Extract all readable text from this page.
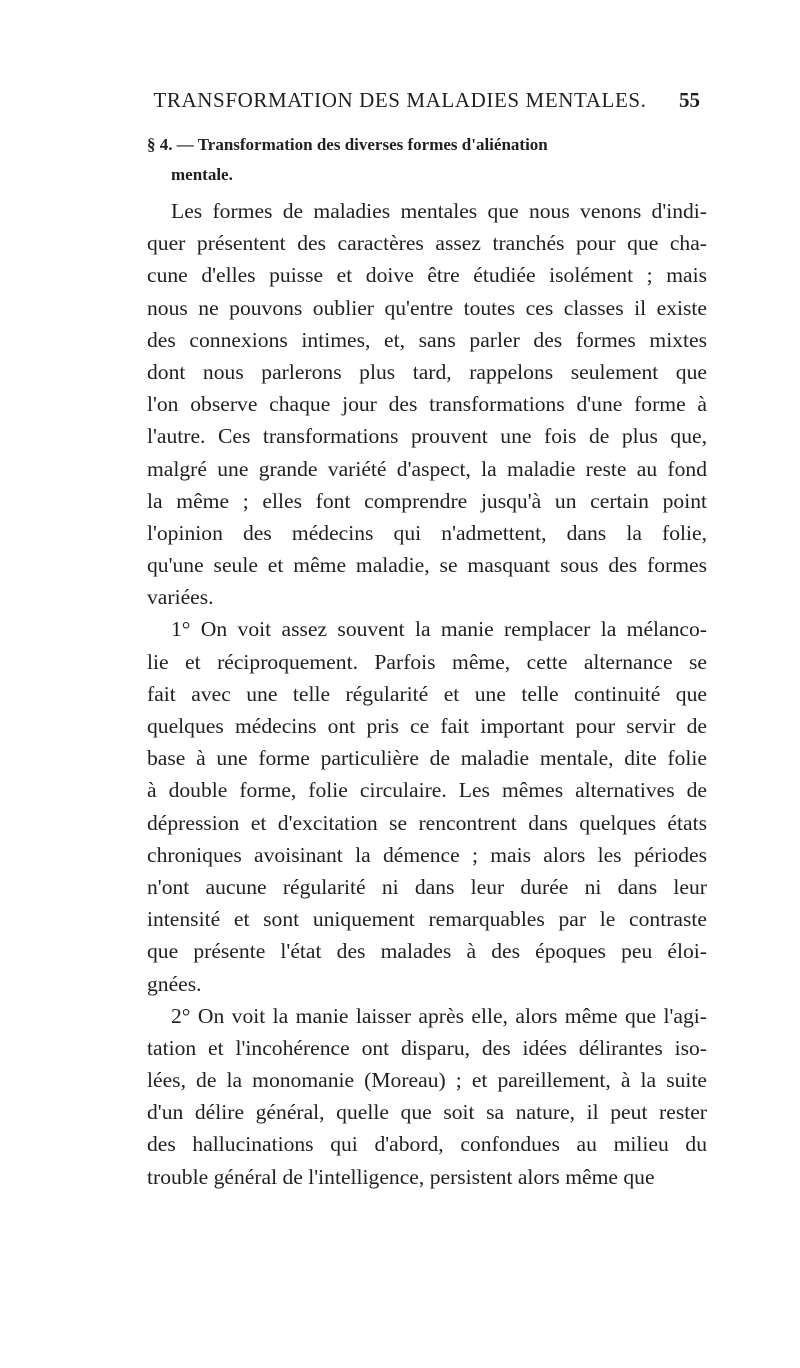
TRANSFORMATION DES MALADIES MENTALES.	55
§ 4. — Transformation des diverses formes d'aliénation
mentale.
Les formes de maladies mentales que nous venons d'indi-
quer présentent des caractères assez tranchés pour que cha-
cune d'elles puisse et doive être étudiée isolément ; mais
nous ne pouvons oublier qu'entre toutes ces classes il existe
des connexions intimes, et, sans parler des formes mixtes
dont nous parlerons plus tard, rappelons seulement que
l'on observe chaque jour des transformations d'une forme à
l'autre. Ces transformations prouvent une fois de plus que,
malgré une grande variété d'aspect, la maladie reste au fond
la même ; elles font comprendre jusqu'à un certain point
l'opinion des médecins qui n'admettent, dans la folie,
qu'une seule et même maladie, se masquant sous des formes
variées.
1° On voit assez souvent la manie remplacer la mélanco-
lie et réciproquement. Parfois même, cette alternance se
fait avec une telle régularité et une telle continuité que
quelques médecins ont pris ce fait important pour servir de
base à une forme particulière de maladie mentale, dite folie
à double forme, folie circulaire. Les mêmes alternatives de
dépression et d'excitation se rencontrent dans quelques états
chroniques avoisinant la démence ; mais alors les périodes
n'ont aucune régularité ni dans leur durée ni dans leur
intensité et sont uniquement remarquables par le contraste
que présente l'état des malades à des époques peu éloi-
gnées.
2° On voit la manie laisser après elle, alors même que l'agi-
tation et l'incohérence ont disparu, des idées délirantes iso-
lées, de la monomanie (Moreau) ; et pareillement, à la suite
d'un délire général, quelle que soit sa nature, il peut rester
des hallucinations qui d'abord, confondues au milieu du
trouble général de l'intelligence, persistent alors même que
